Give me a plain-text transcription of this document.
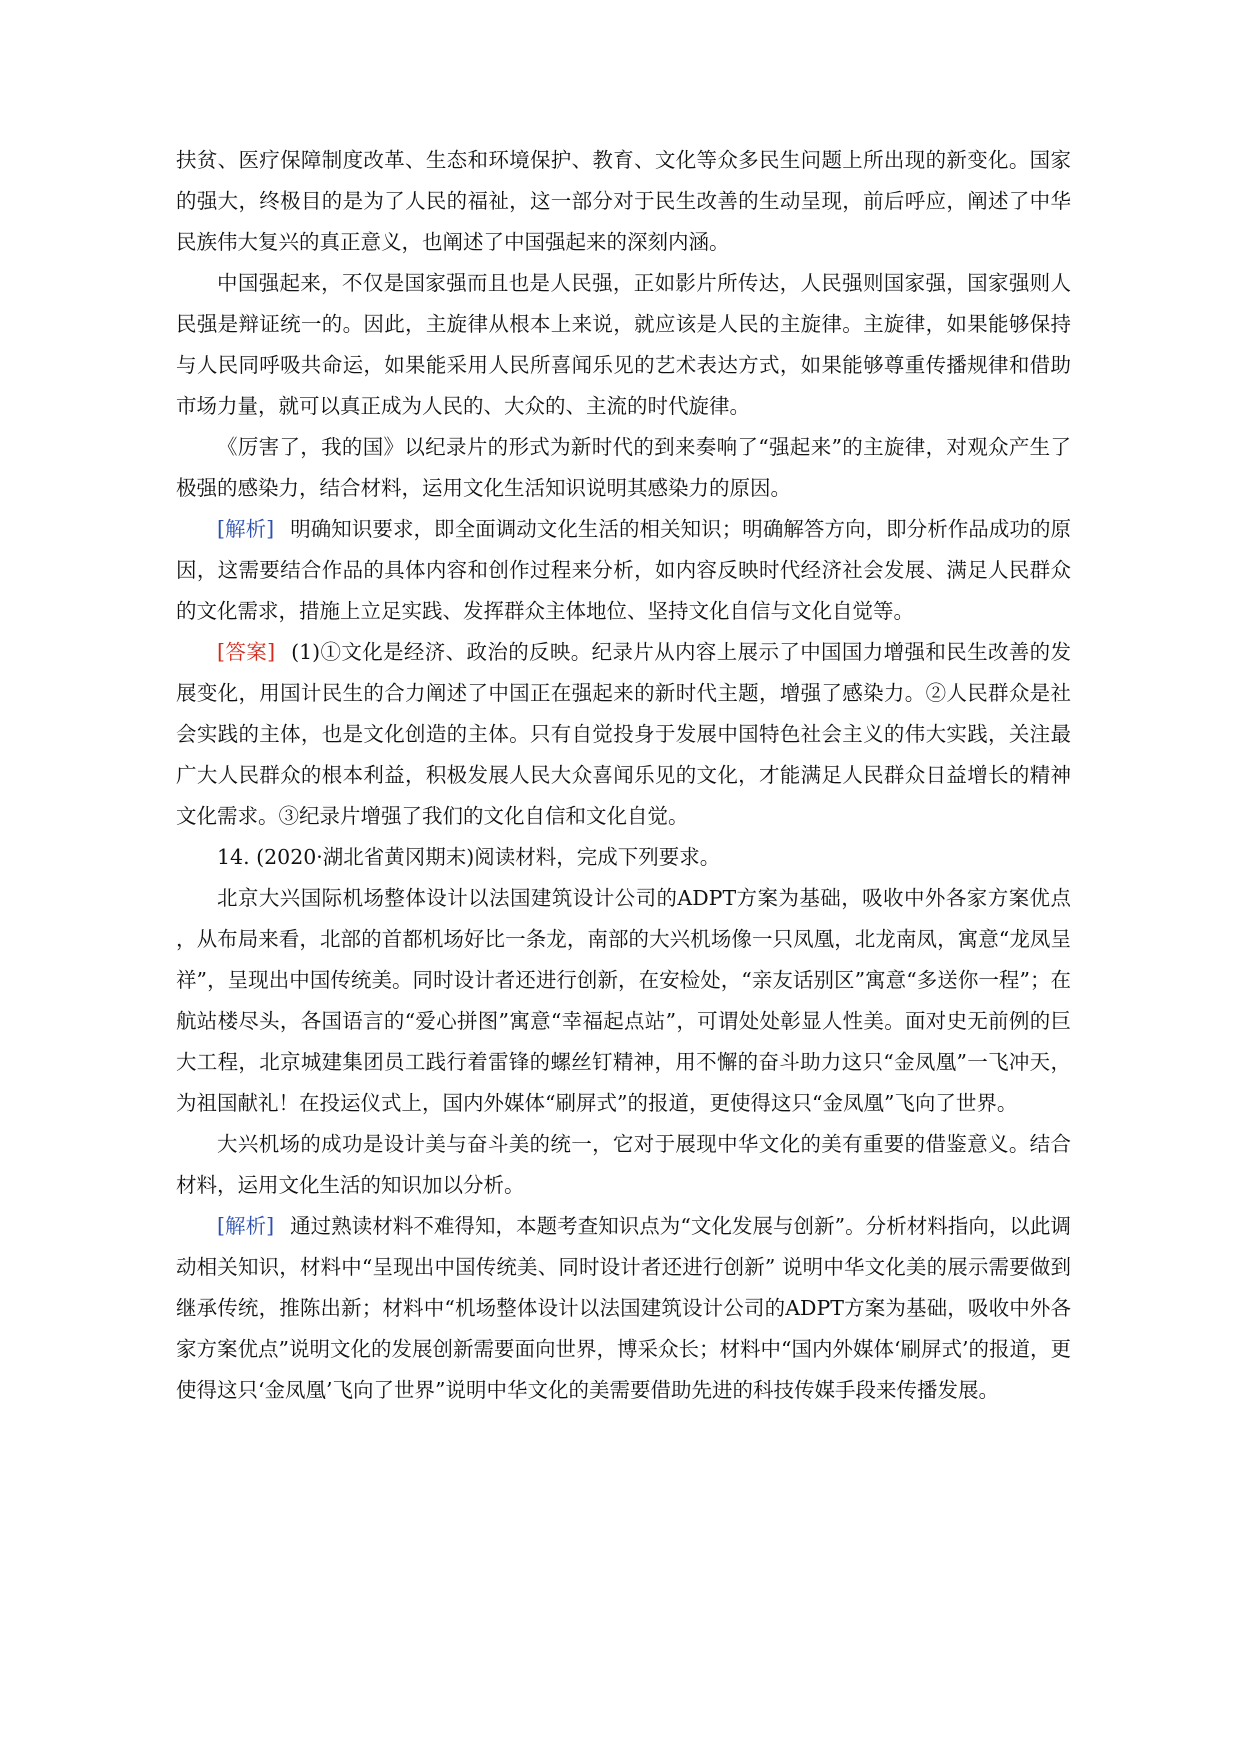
扶贫、医疗保障制度改革、生态和环境保护、教育、文化等众多民生问题上所出现的新变化。国家的强大，终极目的是为了人民的福祉，这一部分对于民生改善的生动呈现，前后呼应，阐述了中华民族伟大复兴的真正意义，也阐述了中国强起来的深刻内涵。

中国强起来，不仅是国家强而且也是人民强，正如影片所传达，人民强则国家强，国家强则人民强是辩证统一的。因此，主旋律从根本上来说，就应该是人民的主旋律。主旋律，如果能够保持与人民同呼吸共命运，如果能采用人民所喜闻乐见的艺术表达方式，如果能够尊重传播规律和借助市场力量，就可以真正成为人民的、大众的、主流的时代旋律。

《厉害了，我的国》以纪录片的形式为新时代的到来奏响了“强起来”的主旋律，对观众产生了极强的感染力，结合材料，运用文化生活知识说明其感染力的原因。

[解析] 明确知识要求，即全面调动文化生活的相关知识；明确解答方向，即分析作品成功的原因，这需要结合作品的具体内容和创作过程来分析，如内容反映时代经济社会发展、满足人民群众的文化需求，措施上立足实践、发挥群众主体地位、坚持文化自信与文化自觉等。

[答案] (1)①文化是经济、政治的反映。纪录片从内容上展示了中国国力增强和民生改善的发展变化，用国计民生的合力阐述了中国正在强起来的新时代主题，增强了感染力。②人民群众是社会实践的主体，也是文化创造的主体。只有自觉投身于发展中国特色社会主义的伟大实践，关注最广大人民群众的根本利益，积极发展人民大众喜闻乐见的文化，才能满足人民群众日益增长的精神文化需求。③纪录片增强了我们的文化自信和文化自觉。

14. (2020·湖北省黄冈期末)阅读材料，完成下列要求。

北京大兴国际机场整体设计以法国建筑设计公司的ADPT方案为基础，吸收中外各家方案优点，从布局来看，北部的首都机场好比一条龙，南部的大兴机场像一只凤凰，北龙南凤，寓意“龙凤呈祥”，呈现出中国传统美。同时设计者还进行创新，在安检处，“亲友话别区”寓意“多送你一程”；在航站楼尽头，各国语言的“爱心拼图”寓意“幸福起点站”，可谓处处彰显人性美。面对史无前例的巨大工程，北京城建集团员工践行着雷锋的螺丝钉精神，用不懈的奋斗助力这只“金凤凰”一飞冲天，为祖国献礼！在投运仪式上，国内外媒体“刷屏式”的报道，更使得这只“金凤凰”飞向了世界。

大兴机场的成功是设计美与奋斗美的统一，它对于展现中华文化的美有重要的借鉴意义。结合材料，运用文化生活的知识加以分析。

[解析] 通过熟读材料不难得知，本题考查知识点为“文化发展与创新”。分析材料指向，以此调动相关知识，材料中“呈现出中国传统美、同时设计者还进行创新” 说明中华文化美的展示需要做到继承传统，推陈出新；材料中“机场整体设计以法国建筑设计公司的ADPT方案为基础，吸收中外各家方案优点”说明文化的发展创新需要面向世界，博采众长；材料中“国内外媒体‘刷屏式’的报道，更使得这只‘金凤凰’飞向了世界”说明中华文化的美需要借助先进的科技传媒手段来传播发展。
